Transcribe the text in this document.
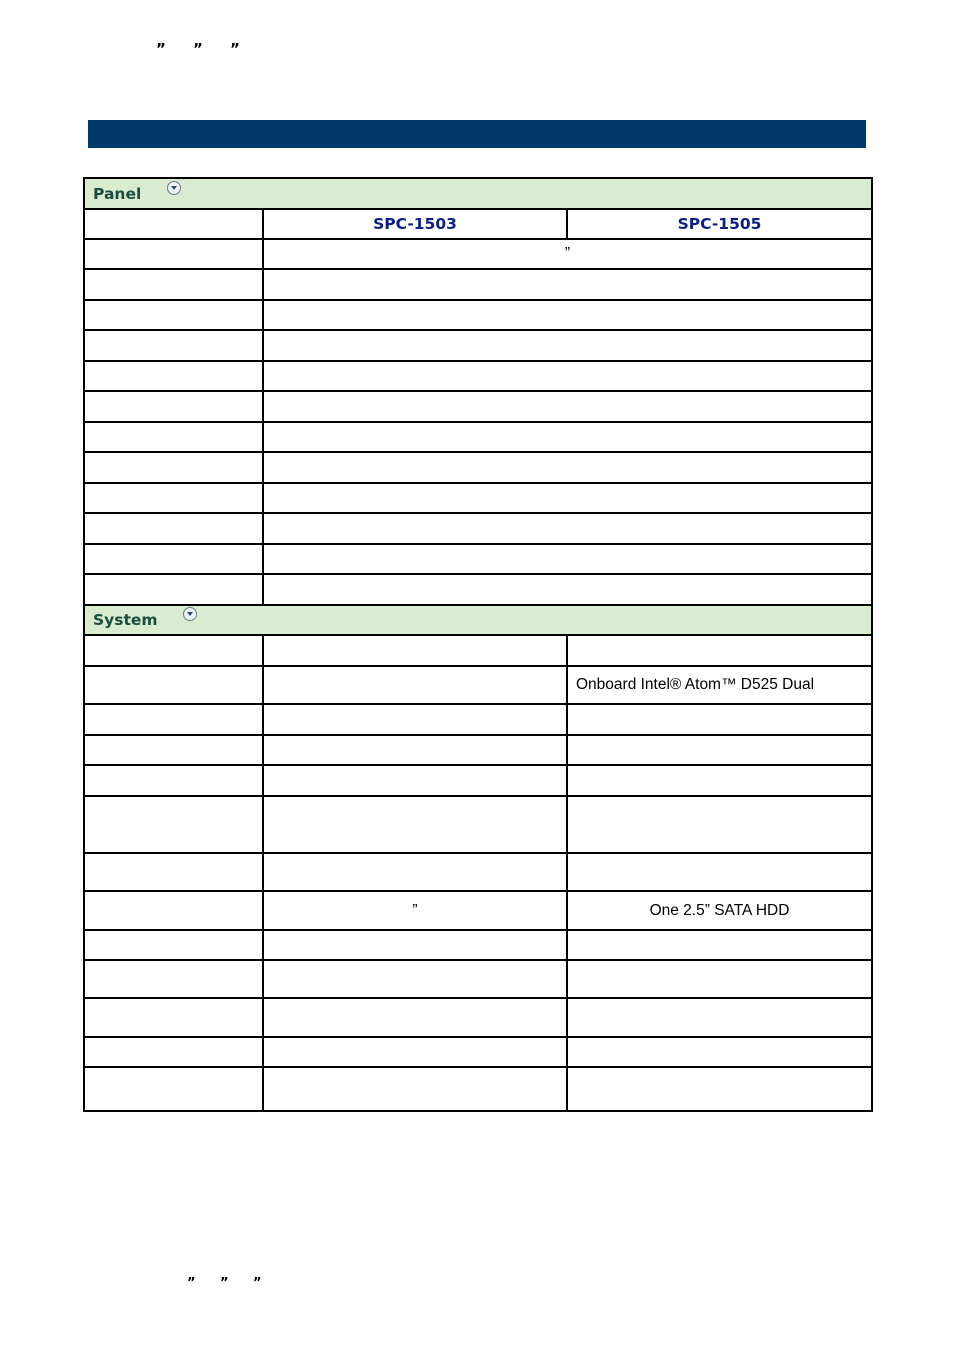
” ” ”
Panel		
	SPC-1503	SPC-1505
	”	

System		

		Onboard Intel® Atom™ D525 Dual

	”	One 2.5” SATA HDD

” ” ”
